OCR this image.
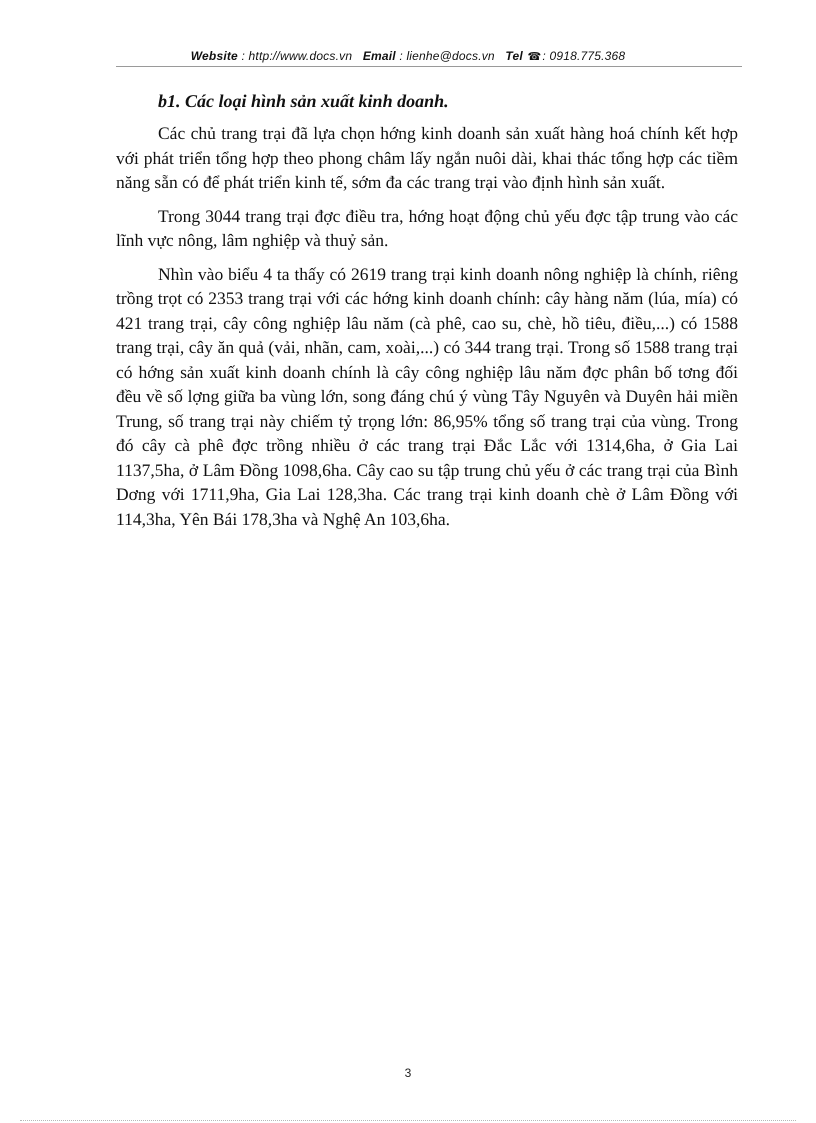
Website : http://www.docs.vn Email : lienhe@docs.vn Tel ☎: 0918.775.368
b1. Các loại hình sản xuất kinh doanh.

Các chủ trang trại đã lựa chọn hớng kinh doanh sản xuất hàng hoá chính kết hợp với phát triển tổng hợp theo phong châm lấy ngắn nuôi dài, khai thác tổng hợp các tiềm năng sẵn có để phát triển kinh tế, sớm đa các trang trại vào định hình sản xuất.

Trong 3044 trang trại đợc điều tra, hớng hoạt động chủ yếu đợc tập trung vào các lĩnh vực nông, lâm nghiệp và thuỷ sản.

Nhìn vào biểu 4 ta thấy có 2619 trang trại kinh doanh nông nghiệp là chính, riêng trồng trọt có 2353 trang trại với các hớng kinh doanh chính: cây hàng năm (lúa, mía) có 421 trang trại, cây công nghiệp lâu năm (cà phê, cao su, chè, hồ tiêu, điều,...) có 1588 trang trại, cây ăn quả (vải, nhãn, cam, xoài,...) có 344 trang trại. Trong số 1588 trang trại có hớng sản xuất kinh doanh chính là cây công nghiệp lâu năm đợc phân bố tơng đối đều về số lợng giữa ba vùng lớn, song đáng chú ý vùng Tây Nguyên và Duyên hải miền Trung, số trang trại này chiếm tỷ trọng lớn: 86,95% tổng số trang trại của vùng. Trong đó cây cà phê đợc trồng nhiều ở các trang trại Đắc Lắc với 1314,6ha, ở Gia Lai 1137,5ha, ở Lâm Đồng 1098,6ha. Cây cao su tập trung chủ yếu ở các trang trại của Bình Dơng với 1711,9ha, Gia Lai 128,3ha. Các trang trại kinh doanh chè ở Lâm Đồng với 114,3ha, Yên Bái 178,3ha và Nghệ An 103,6ha.

3
